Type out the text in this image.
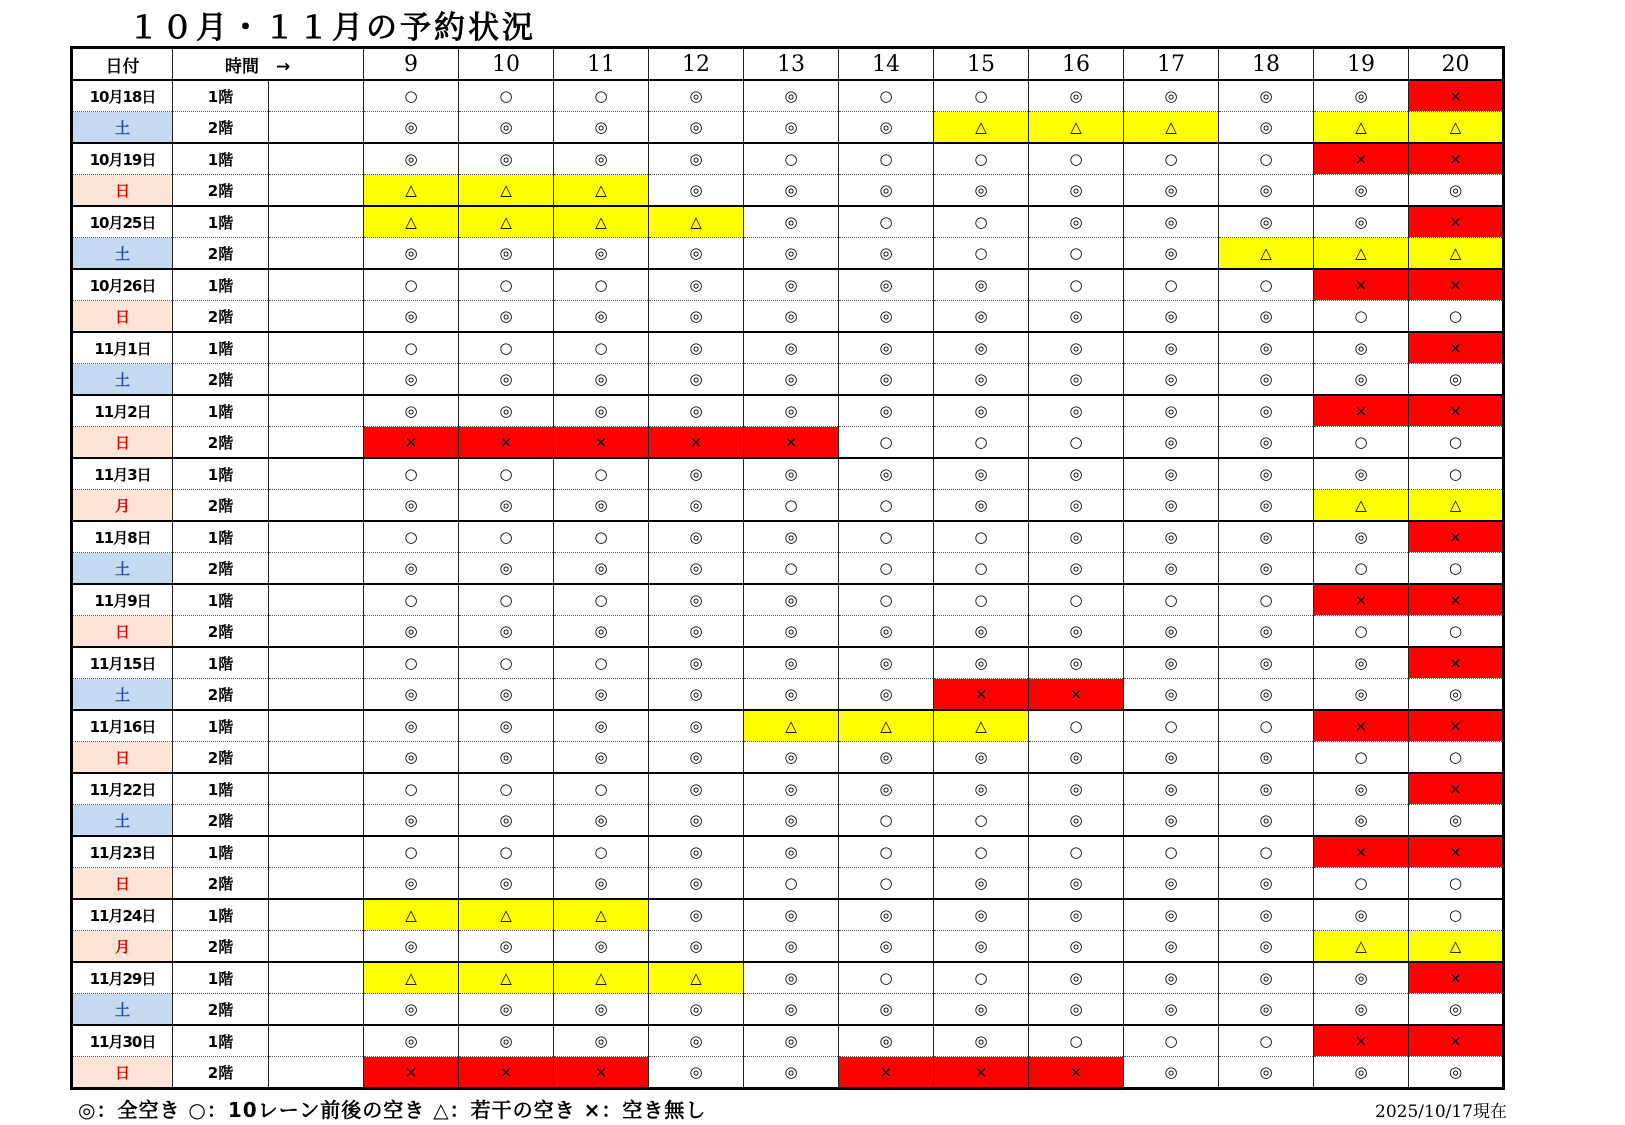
１０月・１１月の予約状況
日付	時間　→		9	10	11	12	13	14	15	16	17	18	19	20
10月18日	1階		○	○	○	◎	◎	○	○	◎	◎	◎	◎	×
土	2階		◎	◎	◎	◎	◎	◎	△	△	△	◎	△	△
10月19日	1階		◎	◎	◎	◎	○	○	○	○	○	○	×	×
日	2階		△	△	△	◎	◎	◎	◎	◎	◎	◎	◎	◎
10月25日	1階		△	△	△	△	◎	○	○	◎	◎	◎	◎	×
土	2階		◎	◎	◎	◎	◎	◎	○	○	◎	△	△	△
10月26日	1階		○	○	○	◎	◎	◎	◎	○	○	○	×	×
日	2階		◎	◎	◎	◎	◎	◎	◎	◎	◎	◎	○	○
11月1日	1階		○	○	○	◎	◎	◎	◎	◎	◎	◎	◎	×
土	2階		◎	◎	◎	◎	◎	◎	◎	◎	◎	◎	◎	◎
11月2日	1階		◎	◎	◎	◎	◎	◎	◎	◎	◎	◎	×	×
日	2階		×	×	×	×	×	○	○	○	◎	◎	○	○
11月3日	1階		○	○	○	◎	◎	◎	◎	◎	◎	◎	◎	○
月	2階		◎	◎	◎	◎	○	○	◎	◎	◎	◎	△	△
11月8日	1階		○	○	○	◎	◎	○	○	◎	◎	◎	◎	×
土	2階		◎	◎	◎	◎	○	○	○	◎	◎	◎	○	○
11月9日	1階		○	○	○	◎	◎	○	○	○	○	○	×	×
日	2階		◎	◎	◎	◎	◎	◎	◎	◎	◎	◎	○	○
11月15日	1階		○	○	○	◎	◎	◎	◎	◎	◎	◎	◎	×
土	2階		◎	◎	◎	◎	◎	◎	×	×	◎	◎	◎	◎
11月16日	1階		◎	◎	◎	◎	△	△	△	○	○	○	×	×
日	2階		◎	◎	◎	◎	◎	◎	◎	◎	◎	◎	○	○
11月22日	1階		○	○	○	◎	◎	◎	◎	◎	◎	◎	◎	×
土	2階		◎	◎	◎	◎	◎	○	○	◎	◎	◎	◎	◎
11月23日	1階		○	○	○	◎	◎	○	○	○	○	○	×	×
日	2階		◎	◎	◎	◎	○	○	◎	◎	◎	◎	○	○
11月24日	1階		△	△	△	◎	◎	◎	◎	◎	◎	◎	◎	○
月	2階		◎	◎	◎	◎	◎	◎	◎	◎	◎	◎	△	△
11月29日	1階		△	△	△	△	◎	○	○	◎	◎	◎	◎	×
土	2階		◎	◎	◎	◎	◎	◎	◎	◎	◎	◎	◎	◎
11月30日	1階		◎	◎	◎	◎	◎	◎	◎	○	○	○	×	×
日	2階		×	×	×	◎	◎	×	×	×	◎	◎	◎	◎
◎：全空き ○：10レーン前後の空き △：若干の空き ×：空き無し	2025/10/17現在
